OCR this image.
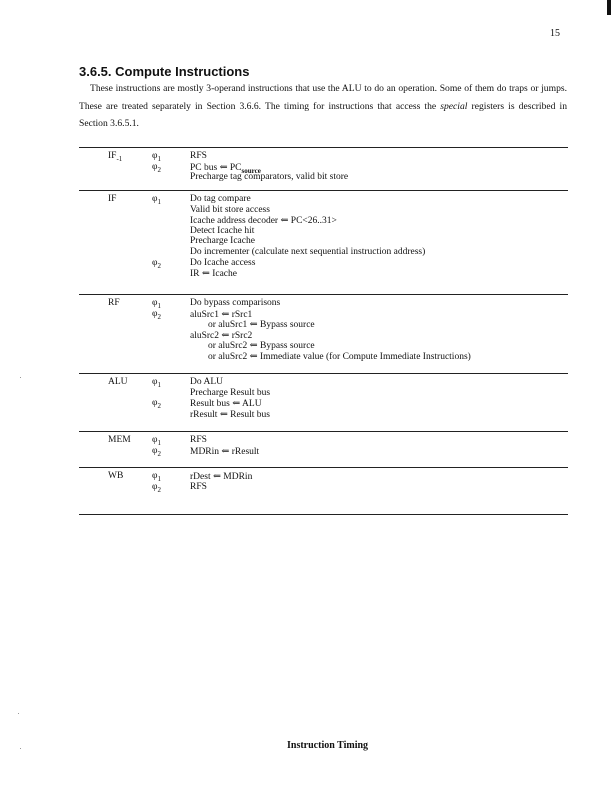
15
3.6.5. Compute Instructions

These instructions are mostly 3-operand instructions that use the ALU to do an operation. Some of them do traps or jumps. These are treated separately in Section 3.6.6. The timing for instructions that access the special registers is described in Section 3.6.5.1.

$IF_{-1}$	$\varphi_1$	RFS
$\varphi_2$	PC bus ⇐ $PC_{source}$
Precharge tag comparators, valid bit store
IF	$\varphi_1$	Do tag compare
Valid bit store access
Icache address decoder ⇐ PC<26..31>
Detect Icache hit
Precharge Icache
Do incrementer (calculate next sequential instruction address)
$\varphi_2$	Do Icache access
IR ⇐ Icache
RF	$\varphi_1$	Do bypass comparisons
$\varphi_2$	aluSrc1 ⇐ rSrc1
or aluSrc1 ⇐ Bypass source
aluSrc2 ⇐ rSrc2
or aluSrc2 ⇐ Bypass source
or aluSrc2 ⇐ Immediate value (for Compute Immediate Instructions)
ALU	$\varphi_1$	Do ALU
Precharge Result bus
$\varphi_2$	Result bus ⇐ ALU
rResult ⇐ Result bus
MEM $\varphi_1$	RFS
$\varphi_2$	MDRin ⇐ rResult
WB	$\varphi_1$	rDest ⇐ MDRin
$\varphi_2$	RFS
Instruction Timing
